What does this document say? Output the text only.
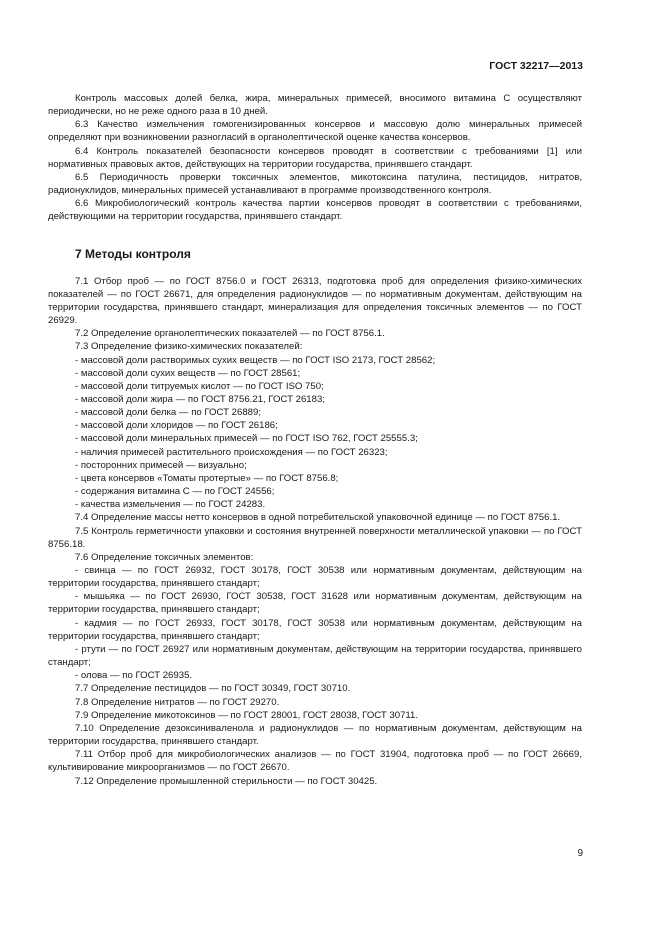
ГОСТ 32217—2013

Контроль массовых долей белка, жира, минеральных примесей, вносимого витамина С осуществляют периодически, но не реже одного раза в 10 дней.

6.3 Качество измельчения гомогенизированных консервов и массовую долю минеральных примесей определяют при возникновении разногласий в органолептической оценке качества консервов.

6.4 Контроль показателей безопасности консервов проводят в соответствии с требованиями [1] или нормативных правовых актов, действующих на территории государства, принявшего стандарт.

6.5 Периодичность проверки токсичных элементов, микотоксина патулина, пестицидов, нитратов, радионуклидов, минеральных примесей устанавливают в программе производственного контроля.

6.6 Микробиологический контроль качества партии консервов проводят в соответствии с требованиями, действующими на территории государства, принявшего стандарт.

7 Методы контроля

7.1 Отбор проб — по ГОСТ 8756.0 и ГОСТ 26313, подготовка проб для определения физико-химических показателей — по ГОСТ 26671, для определения радионуклидов — по нормативным документам, действующим на территории государства, принявшего стандарт, минерализация для определения токсичных элементов — по ГОСТ 26929.

7.2 Определение органолептических показателей — по ГОСТ 8756.1.

7.3 Определение физико-химических показателей:

- массовой доли растворимых сухих веществ — по ГОСТ ISO 2173, ГОСТ 28562;

- массовой доли сухих веществ — по ГОСТ 28561;

- массовой доли титруемых кислот — по ГОСТ ISO 750;

- массовой доли жира — по ГОСТ 8756.21, ГОСТ 26183;

- массовой доли белка — по ГОСТ 26889;

- массовой доли хлоридов — по ГОСТ 26186;

- массовой доли минеральных примесей — по ГОСТ ISO 762, ГОСТ 25555.3;

- наличия примесей растительного происхождения — по ГОСТ 26323;

- посторонних примесей — визуально;

- цвета консервов «Томаты протертые» — по ГОСТ 8756.8;

- содержания витамина С — по ГОСТ 24556;

- качества измельчения — по ГОСТ 24283.

7.4 Определение массы нетто консервов в одной потребительской упаковочной единице — по ГОСТ 8756.1.

7.5 Контроль герметичности упаковки и состояния внутренней поверхности металлической упаковки — по ГОСТ 8756.18.

7.6 Определение токсичных элементов:

- свинца — по ГОСТ 26932, ГОСТ 30178, ГОСТ 30538 или нормативным документам, действующим на территории государства, принявшего стандарт;

- мышьяка — по ГОСТ 26930, ГОСТ 30538, ГОСТ 31628 или нормативным документам, действующим на территории государства, принявшего стандарт;

- кадмия — по ГОСТ 26933, ГОСТ 30178, ГОСТ 30538 или нормативным документам, действующим на территории государства, принявшего стандарт;

- ртути — по ГОСТ 26927 или нормативным документам, действующим на территории государства, принявшего стандарт;

- олова — по ГОСТ 26935.

7.7 Определение пестицидов — по ГОСТ 30349, ГОСТ 30710.

7.8 Определение нитратов — по ГОСТ 29270.

7.9 Определение микотоксинов — по ГОСТ 28001, ГОСТ 28038, ГОСТ 30711.

7.10 Определение дезоксиниваленола и радионуклидов — по нормативным документам, действующим на территории государства, принявшего стандарт.

7.11 Отбор проб для микробиологических анализов — по ГОСТ 31904, подготовка проб — по ГОСТ 26669, культивирование микроорганизмов — по ГОСТ 26670.

7.12 Определение промышленной стерильности — по ГОСТ 30425.

9
